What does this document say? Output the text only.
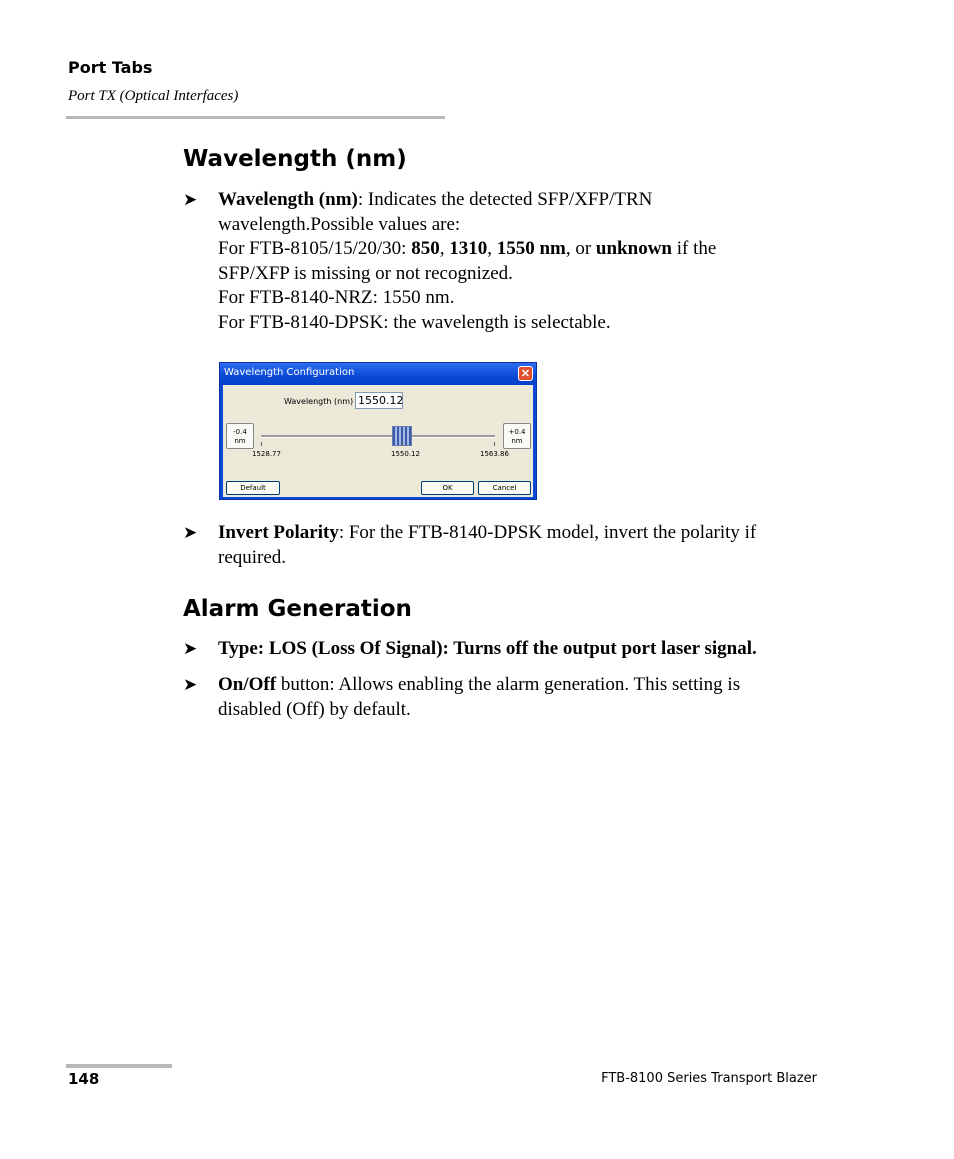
Port Tabs
Port TX (Optical Interfaces)
Wavelength (nm)
➤ Wavelength (nm): Indicates the detected SFP/XFP/TRN
wavelength.Possible values are:
For FTB-8105/15/20/30: 850, 1310, 1550 nm, or unknown if the
SFP/XFP is missing or not recognized.
For FTB-8140-NRZ: 1550 nm.
For FTB-8140-DPSK: the wavelength is selectable.
Wavelength Configuration	✕
Wavelength (nm) 1550.12
-0.4
nm
+0.4
nm
1528.77	1550.12	1563.86
Default	OK	Cancel
➤ Invert Polarity: For the FTB-8140-DPSK model, invert the polarity if
required.
Alarm Generation
➤ Type: LOS (Loss Of Signal): Turns off the output port laser signal.
➤ On/Off button: Allows enabling the alarm generation. This setting is
disabled (Off) by default.
148	FTB-8100 Series Transport Blazer
